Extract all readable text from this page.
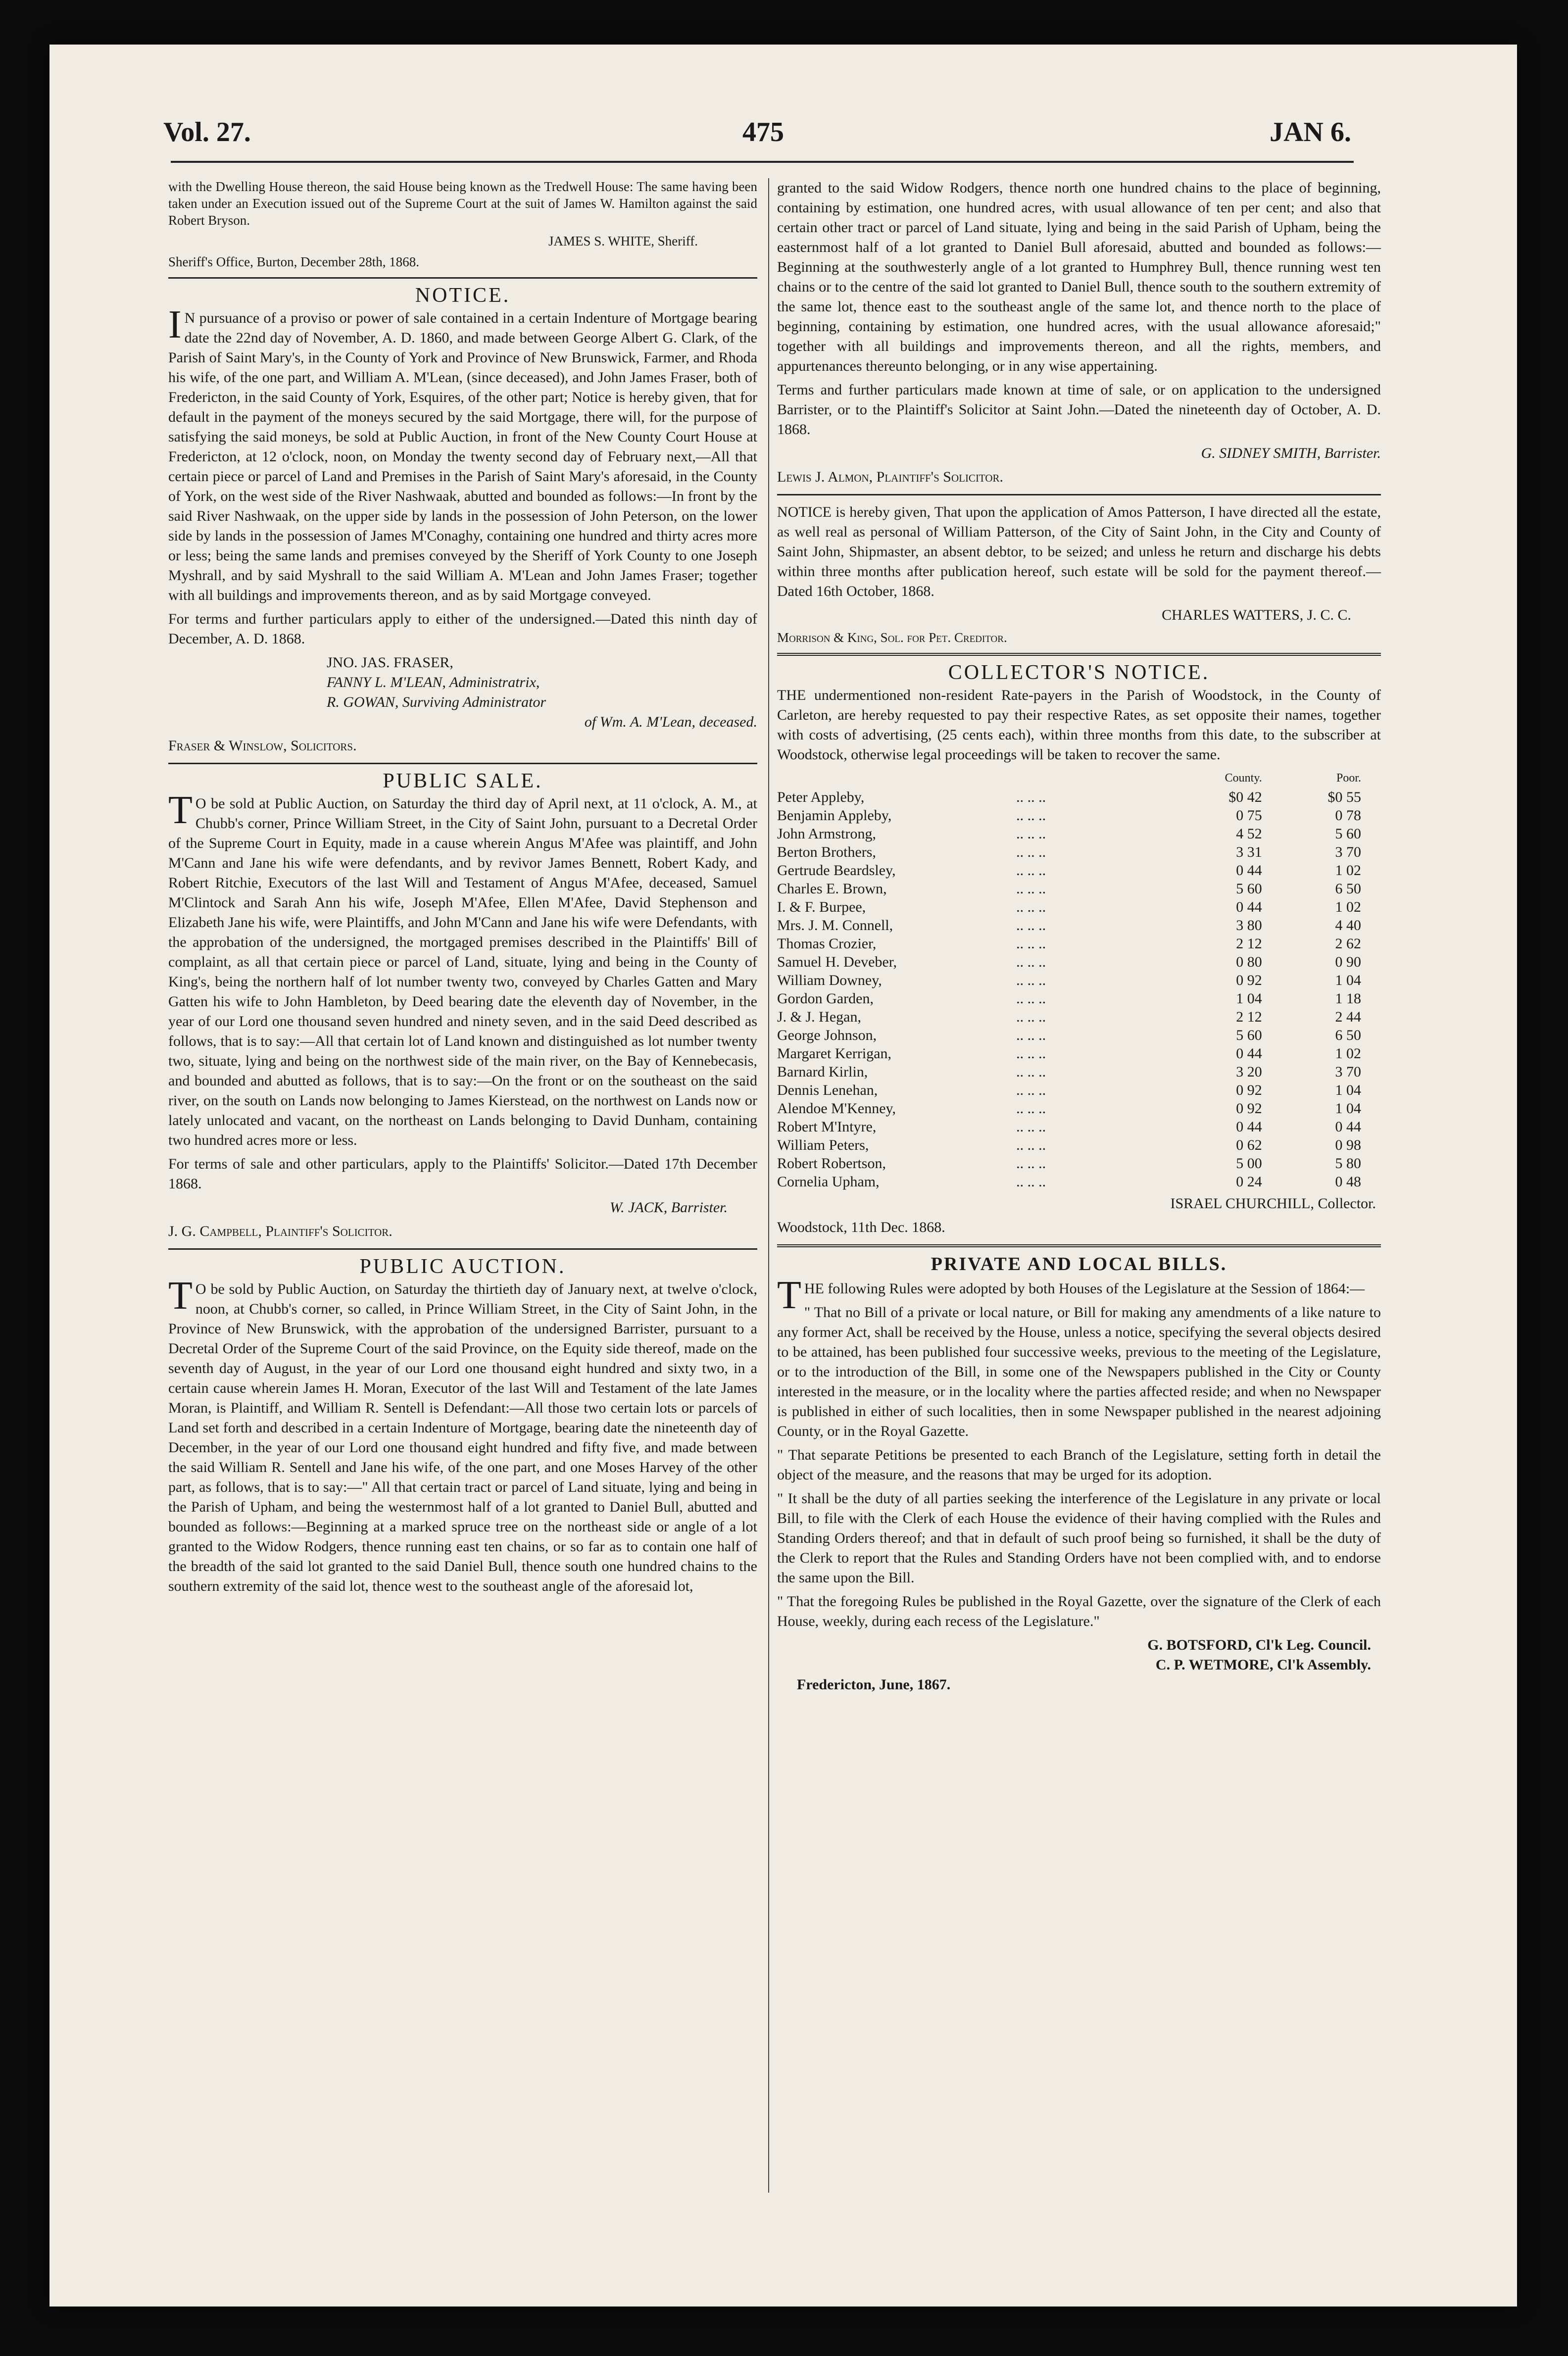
Vol. 27.	475	JAN 6.

with the Dwelling House thereon, the said House being known as the Tredwell House: The same having been taken under an Execution issued out of the Supreme Court at the suit of James W. Hamilton against the said Robert Bryson.

JAMES S. WHITE, Sheriff.

Sheriff's Office, Burton, December 28th, 1868.

NOTICE.

IN pursuance of a proviso or power of sale contained in a certain Indenture of Mortgage bearing date the 22nd day of November, A. D. 1860, and made between George Albert G. Clark, of the Parish of Saint Mary's, in the County of York and Province of New Brunswick, Farmer, and Rhoda his wife, of the one part, and William A. M'Lean, (since deceased), and John James Fraser, both of Fredericton, in the said County of York, Esquires, of the other part; Notice is hereby given, that for default in the payment of the moneys secured by the said Mortgage, there will, for the purpose of satisfying the said moneys, be sold at Public Auction, in front of the New County Court House at Fredericton, at 12 o'clock, noon, on Monday the twenty second day of February next,—All that certain piece or parcel of Land and Premises in the Parish of Saint Mary's aforesaid, in the County of York, on the west side of the River Nashwaak, abutted and bounded as follows:—In front by the said River Nashwaak, on the upper side by lands in the possession of John Peterson, on the lower side by lands in the possession of James M'Conaghy, containing one hundred and thirty acres more or less; being the same lands and premises conveyed by the Sheriff of York County to one Joseph Myshrall, and by said Myshrall to the said William A. M'Lean and John James Fraser; together with all buildings and improvements thereon, and as by said Mortgage conveyed.

For terms and further particulars apply to either of the undersigned.—Dated this ninth day of December, A. D. 1868.

JNO. JAS. FRASER,

FANNY L. M'LEAN, Administratrix,

R. GOWAN, Surviving Administrator

of Wm. A. M'Lean, deceased.

Fraser & Winslow, Solicitors.

PUBLIC SALE.

TO be sold at Public Auction, on Saturday the third day of April next, at 11 o'clock, A. M., at Chubb's corner, Prince William Street, in the City of Saint John, pursuant to a Decretal Order of the Supreme Court in Equity, made in a cause wherein Angus M'Afee was plaintiff, and John M'Cann and Jane his wife were defendants, and by revivor James Bennett, Robert Kady, and Robert Ritchie, Executors of the last Will and Testament of Angus M'Afee, deceased, Samuel M'Clintock and Sarah Ann his wife, Joseph M'Afee, Ellen M'Afee, David Stephenson and Elizabeth Jane his wife, were Plaintiffs, and John M'Cann and Jane his wife were Defendants, with the approbation of the undersigned, the mortgaged premises described in the Plaintiffs' Bill of complaint, as all that certain piece or parcel of Land, situate, lying and being in the County of King's, being the northern half of lot number twenty two, conveyed by Charles Gatten and Mary Gatten his wife to John Hambleton, by Deed bearing date the eleventh day of November, in the year of our Lord one thousand seven hundred and ninety seven, and in the said Deed described as follows, that is to say:—All that certain lot of Land known and distinguished as lot number twenty two, situate, lying and being on the northwest side of the main river, on the Bay of Kennebecasis, and bounded and abutted as follows, that is to say:—On the front or on the southeast on the said river, on the south on Lands now belonging to James Kierstead, on the northwest on Lands now or lately unlocated and vacant, on the northeast on Lands belonging to David Dunham, containing two hundred acres more or less.

For terms of sale and other particulars, apply to the Plaintiffs' Solicitor.—Dated 17th December 1868.

W. JACK, Barrister.

J. G. Campbell, Plaintiff's Solicitor.

PUBLIC AUCTION.

TO be sold by Public Auction, on Saturday the thirtieth day of January next, at twelve o'clock, noon, at Chubb's corner, so called, in Prince William Street, in the City of Saint John, in the Province of New Brunswick, with the approbation of the undersigned Barrister, pursuant to a Decretal Order of the Supreme Court of the said Province, on the Equity side thereof, made on the seventh day of August, in the year of our Lord one thousand eight hundred and sixty two, in a certain cause wherein James H. Moran, Executor of the last Will and Testament of the late James Moran, is Plaintiff, and William R. Sentell is Defendant:—All those two certain lots or parcels of Land set forth and described in a certain Indenture of Mortgage, bearing date the nineteenth day of December, in the year of our Lord one thousand eight hundred and fifty five, and made between the said William R. Sentell and Jane his wife, of the one part, and one Moses Harvey of the other part, as follows, that is to say:—" All that certain tract or parcel of Land situate, lying and being in the Parish of Upham, and being the westernmost half of a lot granted to Daniel Bull, abutted and bounded as follows:—Beginning at a marked spruce tree on the northeast side or angle of a lot granted to the Widow Rodgers, thence running east ten chains, or so far as to contain one half of the breadth of the said lot granted to the said Daniel Bull, thence south one hundred chains to the southern extremity of the said lot, thence west to the southeast angle of the aforesaid lot,

granted to the said Widow Rodgers, thence north one hundred chains to the place of beginning, containing by estimation, one hundred acres, with usual allowance of ten per cent; and also that certain other tract or parcel of Land situate, lying and being in the said Parish of Upham, being the easternmost half of a lot granted to Daniel Bull aforesaid, abutted and bounded as follows:—Beginning at the southwesterly angle of a lot granted to Humphrey Bull, thence running west ten chains or to the centre of the said lot granted to Daniel Bull, thence south to the southern extremity of the same lot, thence east to the southeast angle of the same lot, and thence north to the place of beginning, containing by estimation, one hundred acres, with the usual allowance aforesaid;" together with all buildings and improvements thereon, and all the rights, members, and appurtenances thereunto belonging, or in any wise appertaining.

Terms and further particulars made known at time of sale, or on application to the undersigned Barrister, or to the Plaintiff's Solicitor at Saint John.—Dated the nineteenth day of October, A. D. 1868.

G. SIDNEY SMITH, Barrister.

Lewis J. Almon, Plaintiff's Solicitor.

NOTICE is hereby given, That upon the application of Amos Patterson, I have directed all the estate, as well real as personal of William Patterson, of the City of Saint John, in the City and County of Saint John, Shipmaster, an absent debtor, to be seized; and unless he return and discharge his debts within three months after publication hereof, such estate will be sold for the payment thereof.—Dated 16th October, 1868.

CHARLES WATTERS, J. C. C.

Morrison & King, Sol. for Pet. Creditor.

COLLECTOR'S NOTICE.

THE undermentioned non-resident Rate-payers in the Parish of Woodstock, in the County of Carleton, are hereby requested to pay their respective Rates, as set opposite their names, together with costs of advertising, (25 cents each), within three months from this date, to the subscriber at Woodstock, otherwise legal proceedings will be taken to recover the same.

		County.	Poor.
Peter Appleby,	.. .. ..	$0 42	$0 55
Benjamin Appleby,	.. .. ..	0 75	0 78
John Armstrong,	.. .. ..	4 52	5 60
Berton Brothers,	.. .. ..	3 31	3 70
Gertrude Beardsley,	.. .. ..	0 44	1 02
Charles E. Brown,	.. .. ..	5 60	6 50
I. & F. Burpee,	.. .. ..	0 44	1 02
Mrs. J. M. Connell,	.. .. ..	3 80	4 40
Thomas Crozier,	.. .. ..	2 12	2 62
Samuel H. Deveber,	.. .. ..	0 80	0 90
William Downey,	.. .. ..	0 92	1 04
Gordon Garden,	.. .. ..	1 04	1 18
J. & J. Hegan,	.. .. ..	2 12	2 44
George Johnson,	.. .. ..	5 60	6 50
Margaret Kerrigan,	.. .. ..	0 44	1 02
Barnard Kirlin,	.. .. ..	3 20	3 70
Dennis Lenehan,	.. .. ..	0 92	1 04
Alendoe M'Kenney,	.. .. ..	0 92	1 04
Robert M'Intyre,	.. .. ..	0 44	0 44
William Peters,	.. .. ..	0 62	0 98
Robert Robertson,	.. .. ..	5 00	5 80
Cornelia Upham,	.. .. ..	0 24	0 48

ISRAEL CHURCHILL, Collector.

Woodstock, 11th Dec. 1868.

PRIVATE AND LOCAL BILLS.

THE following Rules were adopted by both Houses of the Legislature at the Session of 1864:—

" That no Bill of a private or local nature, or Bill for making any amendments of a like nature to any former Act, shall be received by the House, unless a notice, specifying the several objects desired to be attained, has been published four successive weeks, previous to the meeting of the Legislature, or to the introduction of the Bill, in some one of the Newspapers published in the City or County interested in the measure, or in the locality where the parties affected reside; and when no Newspaper is published in either of such localities, then in some Newspaper published in the nearest adjoining County, or in the Royal Gazette.

" That separate Petitions be presented to each Branch of the Legislature, setting forth in detail the object of the measure, and the reasons that may be urged for its adoption.

" It shall be the duty of all parties seeking the interference of the Legislature in any private or local Bill, to file with the Clerk of each House the evidence of their having complied with the Rules and Standing Orders thereof; and that in default of such proof being so furnished, it shall be the duty of the Clerk to report that the Rules and Standing Orders have not been complied with, and to endorse the same upon the Bill.

" That the foregoing Rules be published in the Royal Gazette, over the signature of the Clerk of each House, weekly, during each recess of the Legislature."

G. BOTSFORD, Cl'k Leg. Council.

C. P. WETMORE, Cl'k Assembly.

Fredericton, June, 1867.
